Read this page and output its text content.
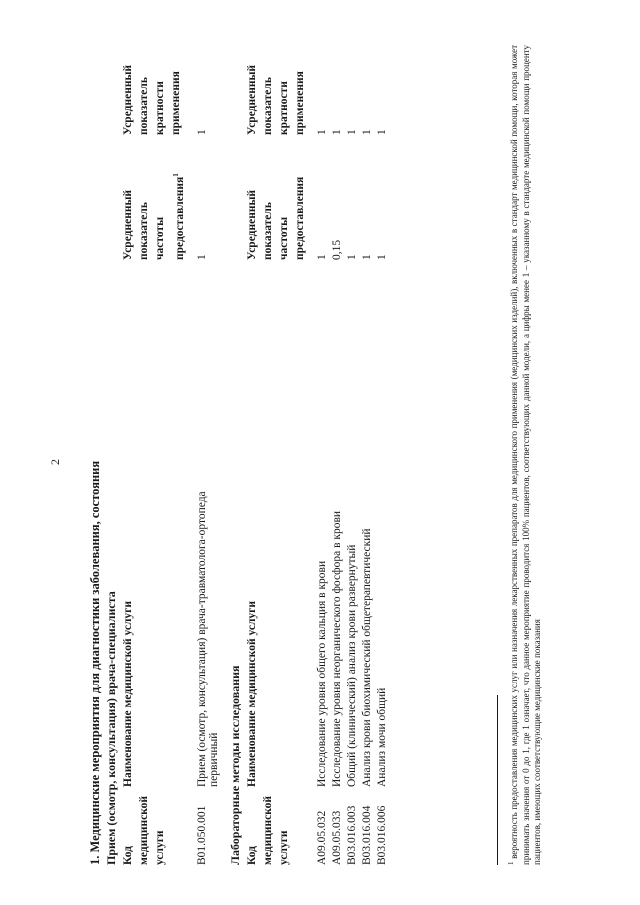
2 1. Медицинские мероприятия для диагностики заболевания, состояния Прием (осмотр, консультация) врача-специалиста Код медицинской услуги
Наименование медицинской услуги
Усредненный показатель частоты предоставления$^1$
Усредненный показатель кратности применения
B01.050.001
Прием (осмотр, консультация) врача-травматолога-ортопеда первичный
1
1
Лабораторные методы исследования Код медицинской услуги
Наименование медицинской услуги
Усредненный показатель частоты предоставления
Усредненный показатель кратности применения
A09.05.032
Исследование уровня общего кальция в крови
1
1
A09.05.033
Исследование уровня неорганического фосфора в крови
0,15
1
B03.016.003
Общий (клинический) анализ крови развернутый
1
1
B03.016.004
Анализ крови биохимический общетерапевтический
1
1
B03.016.006
Анализ мочи общий
1
1
$^1$ вероятность предоставления медицинских услуг или назначения лекарственных препаратов для медицинского применения (медицинских изделий), включенных в стандарт медицинской помощи, которая может принимать значения от 0 до 1, где 1 означает, что данное мероприятие проводится 100% пациентов, соответствующих данной модели, а цифры менее 1 – указанному в стандарте медицинской помощи проценту пациентов, имеющих соответствующие медицинские показания
